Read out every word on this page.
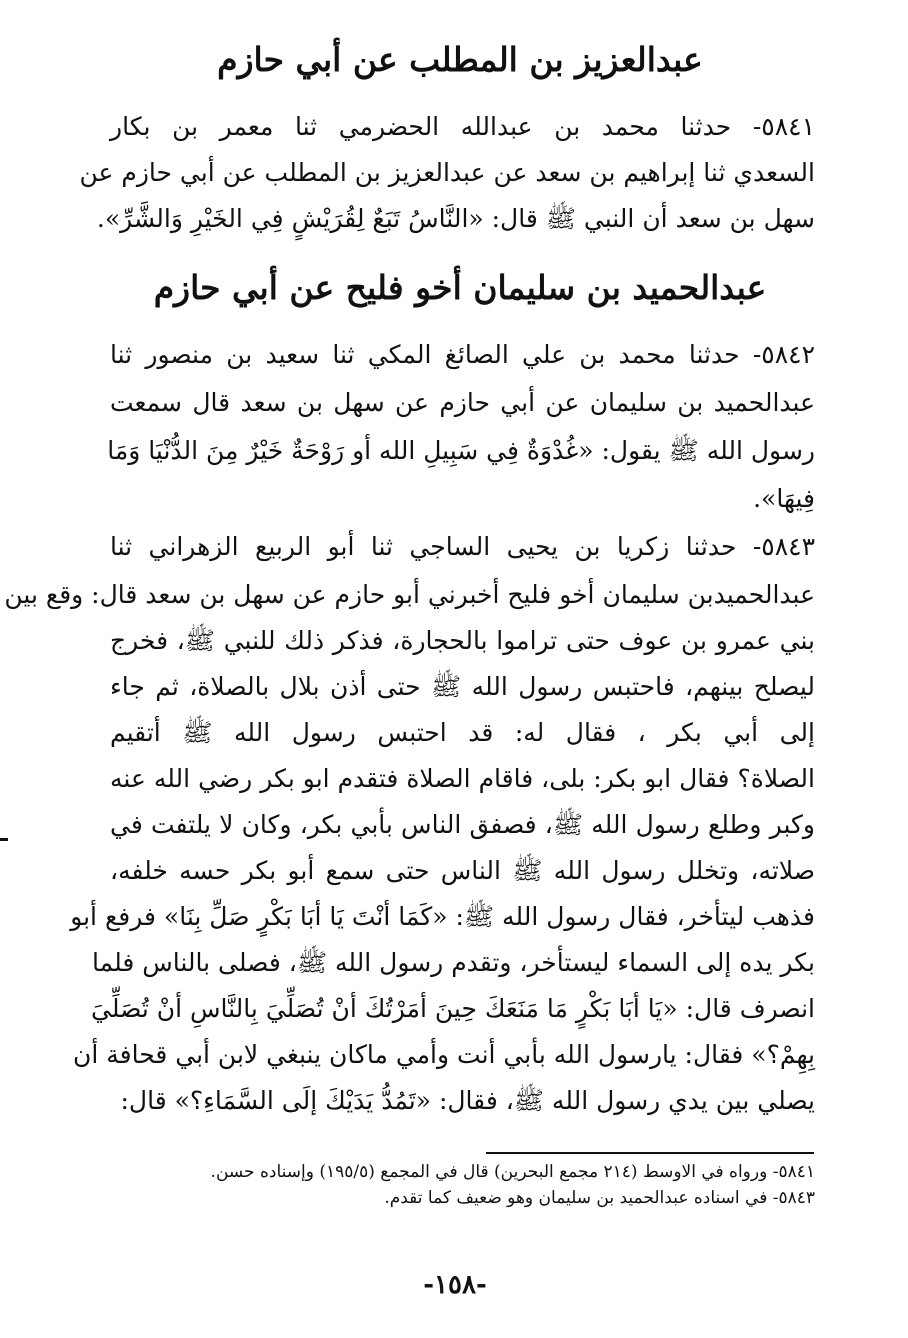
عبدالعزيز بن المطلب عن أبي حازم
٥٨٤١- حدثنا محمد بن عبدالله الحضرمي ثنا معمر بن بكار
السعدي ثنا إبراهيم بن سعد عن عبدالعزيز بن المطلب عن أبي حازم عن
سهل بن سعد أن النبي ﷺ قال: «النَّاسُ تَبَعٌ لِقُرَيْشٍ فِي الخَيْرِ وَالشَّرِّ».
عبدالحميد بن سليمان أخو فليح عن أبي حازم
٥٨٤٢- حدثنا محمد بن علي الصائغ المكي ثنا سعيد بن منصور ثنا
عبدالحميد بن سليمان عن أبي حازم عن سهل بن سعد قال سمعت
رسول الله ﷺ يقول: «غُدْوَةٌ فِي سَبِيلِ الله أو رَوْحَةٌ خَيْرٌ مِنَ الدُّنْيَا وَمَا
فِيهَا».
٥٨٤٣- حدثنا زكريا بن يحيى الساجي ثنا أبو الربيع الزهراني ثنا
عبدالحميدبن سليمان أخو فليح أخبرني أبو حازم عن سهل بن سعد قال: وقع بين
بني عمرو بن عوف حتى تراموا بالحجارة، فذكر ذلك للنبي ﷺ، فخرج
ليصلح بينهم، فاحتبس رسول الله ﷺ حتى أذن بلال بالصلاة، ثم جاء
إلى أبي بكر ، فقال له: قد احتبس رسول الله ﷺ أتقيم
الصلاة؟ فقال ابو بكر: بلى، فاقام الصلاة فتقدم ابو بكر رضي الله عنه
وكبر وطلع رسول الله ﷺ، فصفق الناس بأبي بكر، وكان لا يلتفت في
صلاته، وتخلل رسول الله ﷺ الناس حتى سمع أبو بكر حسه خلفه،
فذهب ليتأخر، فقال رسول الله ﷺ: «كَمَا أنْتَ يَا أبَا بَكْرٍ صَلِّ بِنَا» فرفع أبو
بكر يده إلى السماء ليستأخر، وتقدم رسول الله ﷺ، فصلى بالناس فلما
انصرف قال: «يَا أبَا بَكْرٍ مَا مَنَعَكَ حِينَ أمَرْتُكَ أنْ تُصَلِّيَ بِالنَّاسِ أنْ تُصَلِّيَ
بِهِمْ؟» فقال: يارسول الله بأبي أنت وأمي ماكان ينبغي لابن أبي قحافة أن
يصلي بين يدي رسول الله ﷺ، فقال: «تَمُدُّ يَدَيْكَ إلَى السَّمَاءِ؟» قال:
٥٨٤١- ورواه في الاوسط (٢١٤ مجمع البحرين) قال في المجمع (١٩٥/٥) وإسناده حسن.
٥٨٤٣- في اسناده عبدالحميد بن سليمان وهو ضعيف كما تقدم.
-١٥٨-
